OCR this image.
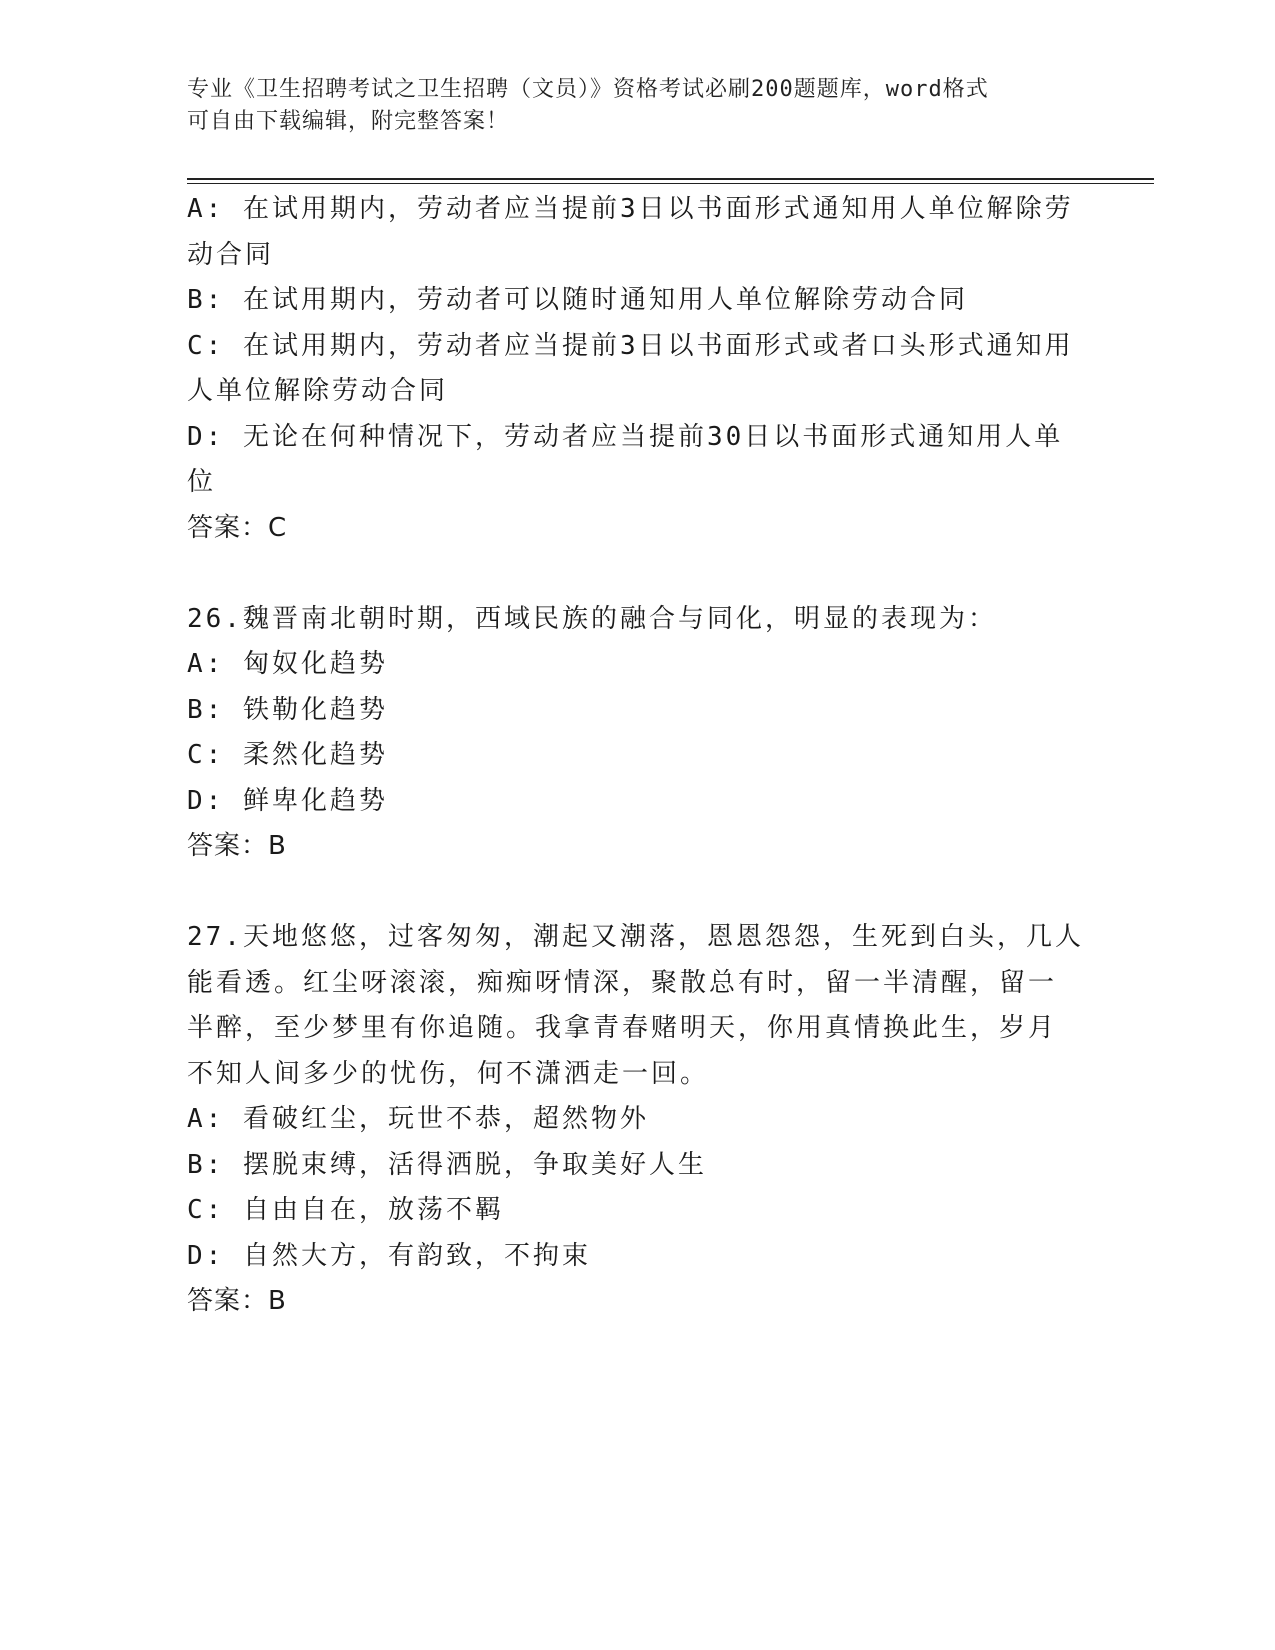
专业《卫生招聘考试之卫生招聘（文员）》资格考试必刷200题题库，word格式
可自由下载编辑，附完整答案！
A: 在试用期内，劳动者应当提前3日以书面形式通知用人单位解除劳
动合同
B: 在试用期内，劳动者可以随时通知用人单位解除劳动合同
C: 在试用期内，劳动者应当提前3日以书面形式或者口头形式通知用
人单位解除劳动合同
D: 无论在何种情况下，劳动者应当提前30日以书面形式通知用人单
位
答案：C
26.魏晋南北朝时期，西域民族的融合与同化，明显的表现为：
A: 匈奴化趋势
B: 铁勒化趋势
C: 柔然化趋势
D: 鲜卑化趋势
答案：B
27.天地悠悠，过客匆匆，潮起又潮落，恩恩怨怨，生死到白头，几人
能看透。红尘呀滚滚，痴痴呀情深，聚散总有时，留一半清醒，留一
半醉，至少梦里有你追随。我拿青春赌明天，你用真情换此生，岁月
不知人间多少的忧伤，何不潇洒走一回。
A: 看破红尘，玩世不恭，超然物外
B: 摆脱束缚，活得洒脱，争取美好人生
C: 自由自在，放荡不羁
D: 自然大方，有韵致，不拘束
答案：B
